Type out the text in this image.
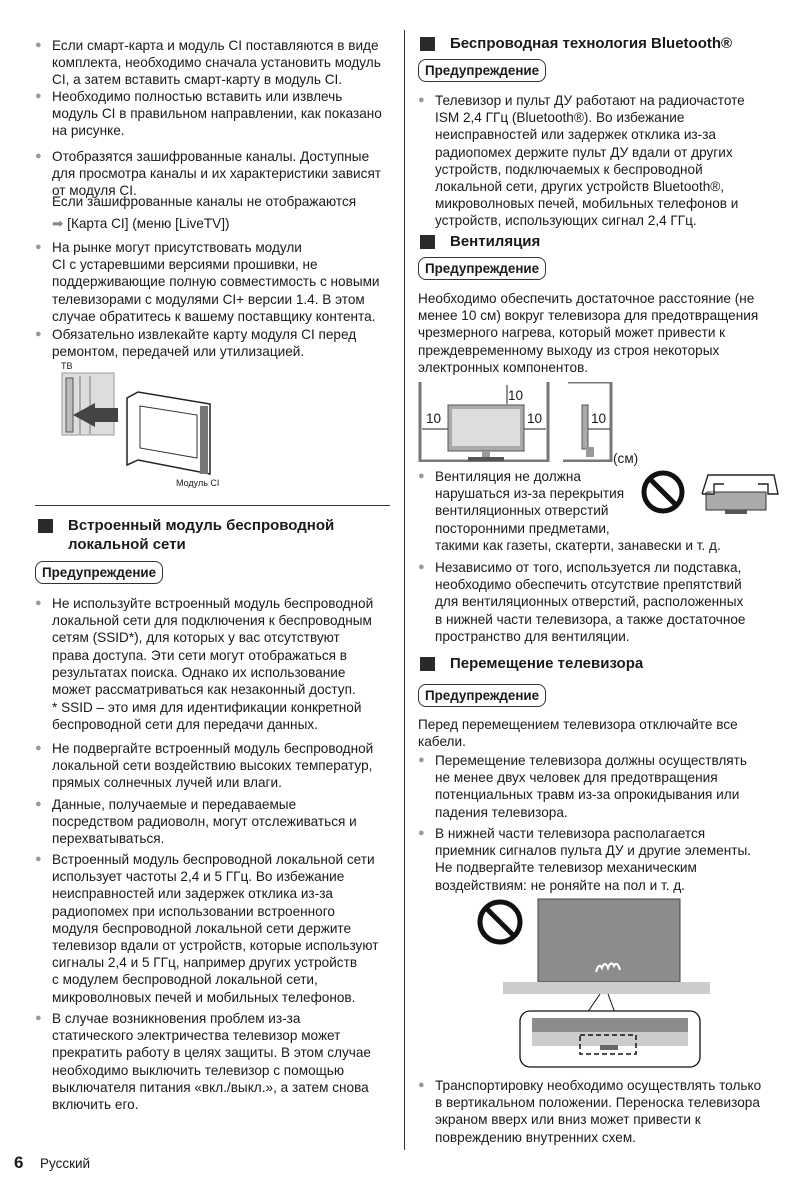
● Если смарт-карта и модуль CI поставляются в виде
комплекта, необходимо сначала установить модуль
CI, а затем вставить смарт-карту в модуль CI.
● Необходимо полностью вставить или извлечь
модуль CI в правильном направлении, как показано
на рисунке.
● Отобразятся зашифрованные каналы. Доступные
для просмотра каналы и их характеристики зависят
от модуля CI.
Если зашифрованные каналы не отображаются
➡ [Карта CI] (меню [LiveTV])
● На рынке могут присутствовать модули
CI с устаревшими версиями прошивки, не
поддерживающие полную совместимость с новыми
телевизорами с модулями CI+ версии 1.4. В этом
случае обратитесь к вашему поставщику контента.
● Обязательно извлекайте карту модуля CI перед
ремонтом, передачей или утилизацией.
ТВ
Модуль CI
Встроенный модуль беспроводной
локальной сети
Предупреждение
● Не используйте встроенный модуль беспроводной
локальной сети для подключения к беспроводным
сетям (SSID*), для которых у вас отсутствуют
права доступа. Эти сети могут отображаться в
результатах поиска. Однако их использование
может рассматриваться как незаконный доступ.
* SSID – это имя для идентификации конкретной
беспроводной сети для передачи данных.
● Не подвергайте встроенный модуль беспроводной
локальной сети воздействию высоких температур,
прямых солнечных лучей или влаги.
● Данные, получаемые и передаваемые
посредством радиоволн, могут отслеживаться и
перехватываться.
● Встроенный модуль беспроводной локальной сети
использует частоты 2,4 и 5 ГГц. Во избежание
неисправностей или задержек отклика из-за
радиопомех при использовании встроенного
модуля беспроводной локальной сети держите
телевизор вдали от устройств, которые используют
сигналы 2,4 и 5 ГГц, например других устройств
с модулем беспроводной локальной сети,
микроволновых печей и мобильных телефонов.
● В случае возникновения проблем из-за
статического электричества телевизор может
прекратить работу в целях защиты. В этом случае
необходимо выключить телевизор с помощью
выключателя питания «вкл./выкл.», а затем снова
включить его.
Беспроводная технология Bluetooth®
Предупреждение
● Телевизор и пульт ДУ работают на радиочастоте
ISM 2,4 ГГц (Bluetooth®). Во избежание
неисправностей или задержек отклика из-за
радиопомех держите пульт ДУ вдали от других
устройств, подключаемых к беспроводной
локальной сети, других устройств Bluetooth®,
микроволновых печей, мобильных телефонов и
устройств, использующих сигнал 2,4 ГГц.
Вентиляция
Предупреждение
Необходимо обеспечить достаточное расстояние (не
менее 10 см) вокруг телевизора для предотвращения
чрезмерного нагрева, который может привести к
преждевременному выходу из строя некоторых
электронных компонентов.
10
10	10	10
(см)
● Вентиляция не должна
нарушаться из-за перекрытия
вентиляционных отверстий
посторонними предметами,
такими как газеты, скатерти, занавески и т. д.
● Независимо от того, используется ли подставка,
необходимо обеспечить отсутствие препятствий
для вентиляционных отверстий, расположенных
в нижней части телевизора, а также достаточное
пространство для вентиляции.
Перемещение телевизора
Предупреждение
Перед перемещением телевизора отключайте все
кабели.
● Перемещение телевизора должны осуществлять
не менее двух человек для предотвращения
потенциальных травм из-за опрокидывания или
падения телевизора.
● В нижней части телевизора располагается
приемник сигналов пульта ДУ и другие элементы.
Не подвергайте телевизор механическим
воздействиям: не роняйте на пол и т. д.
● Транспортировку необходимо осуществлять только
в вертикальном положении. Переноска телевизора
экраном вверх или вниз может привести к
повреждению внутренних схем.
6 Русский
